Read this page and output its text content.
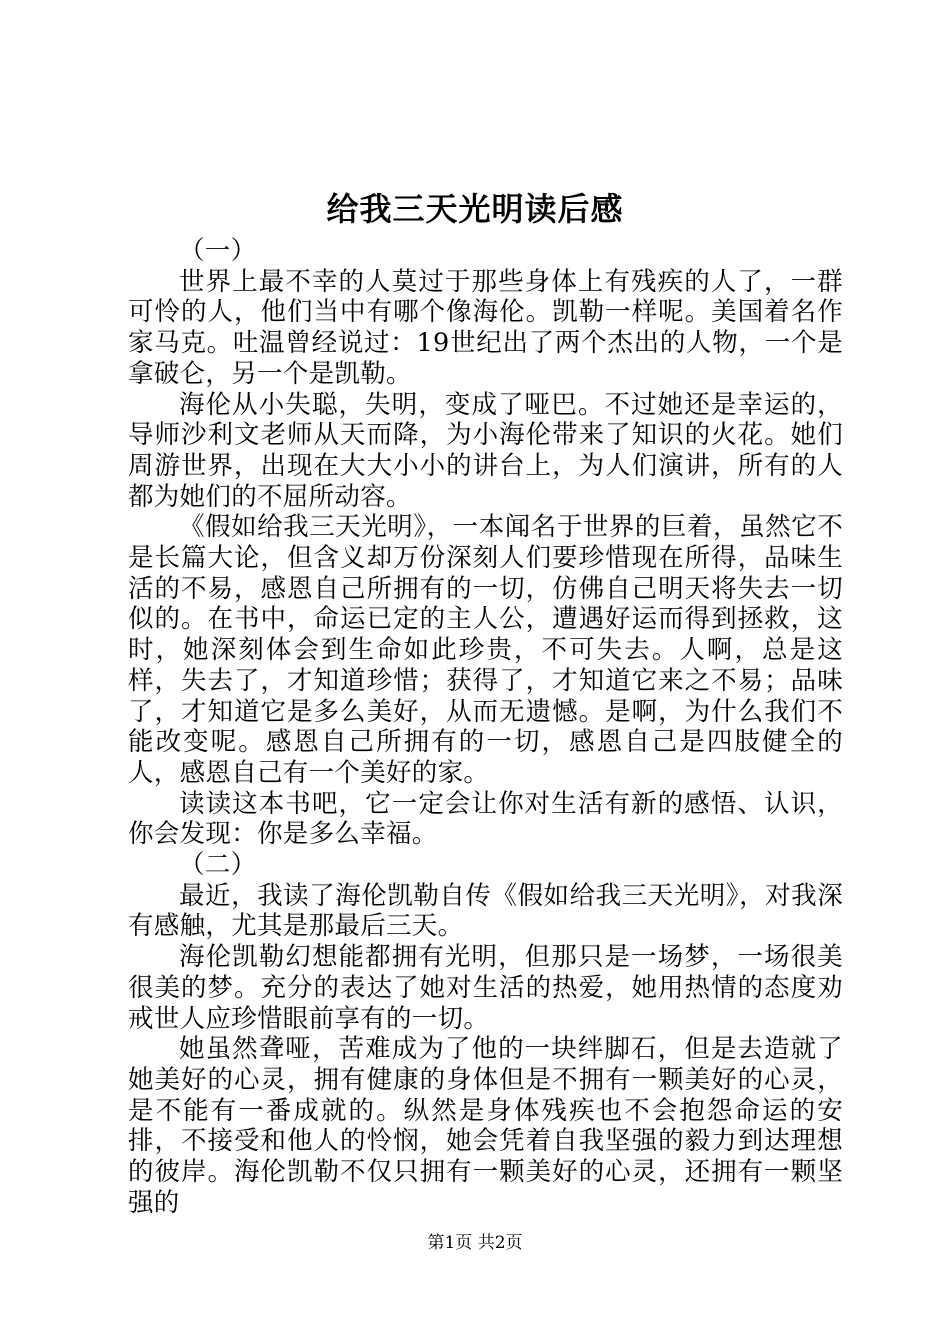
给我三天光明读后感

（一）

世界上最不幸的人莫过于那些身体上有残疾的人了，一群可怜的人，他们当中有哪个像海伦。凯勒一样呢。美国着名作家马克。吐温曾经说过：19世纪出了两个杰出的人物，一个是拿破仑，另一个是凯勒。

海伦从小失聪，失明，变成了哑巴。不过她还是幸运的，导师沙利文老师从天而降，为小海伦带来了知识的火花。她们周游世界，出现在大大小小的讲台上，为人们演讲，所有的人都为她们的不屈所动容。

《假如给我三天光明》，一本闻名于世界的巨着，虽然它不是长篇大论，但含义却万份深刻人们要珍惜现在所得，品味生活的不易，感恩自己所拥有的一切，仿佛自己明天将失去一切似的。在书中，命运已定的主人公，遭遇好运而得到拯救，这时，她深刻体会到生命如此珍贵，不可失去。人啊，总是这样，失去了，才知道珍惜；获得了，才知道它来之不易；品味了，才知道它是多么美好，从而无遗憾。是啊，为什么我们不能改变呢。感恩自己所拥有的一切，感恩自己是四肢健全的人，感恩自己有一个美好的家。

读读这本书吧，它一定会让你对生活有新的感悟、认识，你会发现：你是多么幸福。

（二）

最近，我读了海伦凯勒自传《假如给我三天光明》，对我深有感触，尤其是那最后三天。

海伦凯勒幻想能都拥有光明，但那只是一场梦，一场很美很美的梦。充分的表达了她对生活的热爱，她用热情的态度劝戒世人应珍惜眼前享有的一切。

她虽然聋哑，苦难成为了他的一块绊脚石，但是去造就了她美好的心灵，拥有健康的身体但是不拥有一颗美好的心灵，是不能有一番成就的。纵然是身体残疾也不会抱怨命运的安排，不接受和他人的怜悯，她会凭着自我坚强的毅力到达理想的彼岸。海伦凯勒不仅只拥有一颗美好的心灵，还拥有一颗坚强的

第1页 共2页
